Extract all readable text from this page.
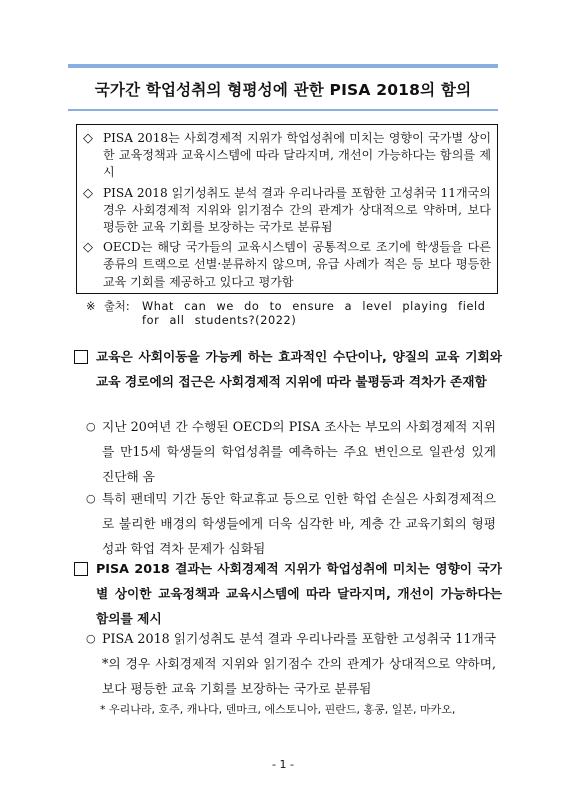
국가간 학업성취의 형평성에 관한 PISA 2018의 함의
◇ PISA 2018는 사회경제적 지위가 학업성취에 미치는 영향이 국가별 상이한 교육정책과 교육시스템에 따라 달라지며, 개선이 가능하다는 함의를 제시
◇ PISA 2018 읽기성취도 분석 결과 우리나라를 포함한 고성취국 11개국의 경우 사회경제적 지위와 읽기점수 간의 관계가 상대적으로 약하며, 보다 평등한 교육 기회를 보장하는 국가로 분류됨
◇ OECD는 해당 국가들의 교육시스템이 공통적으로 조기에 학생들을 다른 종류의 트랙으로 선별·분류하지 않으며, 유급 사례가 적은 등 보다 평등한 교육 기회를 제공하고 있다고 평가함
※ 출처:	What can we do to ensure a level playing field for all students?(2022)
교육은 사회이동을 가능케 하는 효과적인 수단이나, 양질의 교육 기회와 교육 경로에의 접근은 사회경제적 지위에 따라 불평등과 격차가 존재함
○ 지난 20여년 간 수행된 OECD의 PISA 조사는 부모의 사회경제적 지위를 만15세 학생들의 학업성취를 예측하는 주요 변인으로 일관성 있게 진단해 옴
○ 특히 팬데믹 기간 동안 학교휴교 등으로 인한 학업 손실은 사회경제적으로 불리한 배경의 학생들에게 더욱 심각한 바, 계층 간 교육기회의 형평성과 학업 격차 문제가 심화됨
PISA 2018 결과는 사회경제적 지위가 학업성취에 미치는 영향이 국가별 상이한 교육정책과 교육시스템에 따라 달라지며, 개선이 가능하다는 함의를 제시
○ PISA 2018 읽기성취도 분석 결과 우리나라를 포함한 고성취국 11개국*의 경우 사회경제적 지위와 읽기점수 간의 관계가 상대적으로 약하며, 보다 평등한 교육 기회를 보장하는 국가로 분류됨
* 우리나라, 호주, 캐나다, 덴마크, 에스토니아, 핀란드, 홍콩, 일본, 마카오,
- 1 -
